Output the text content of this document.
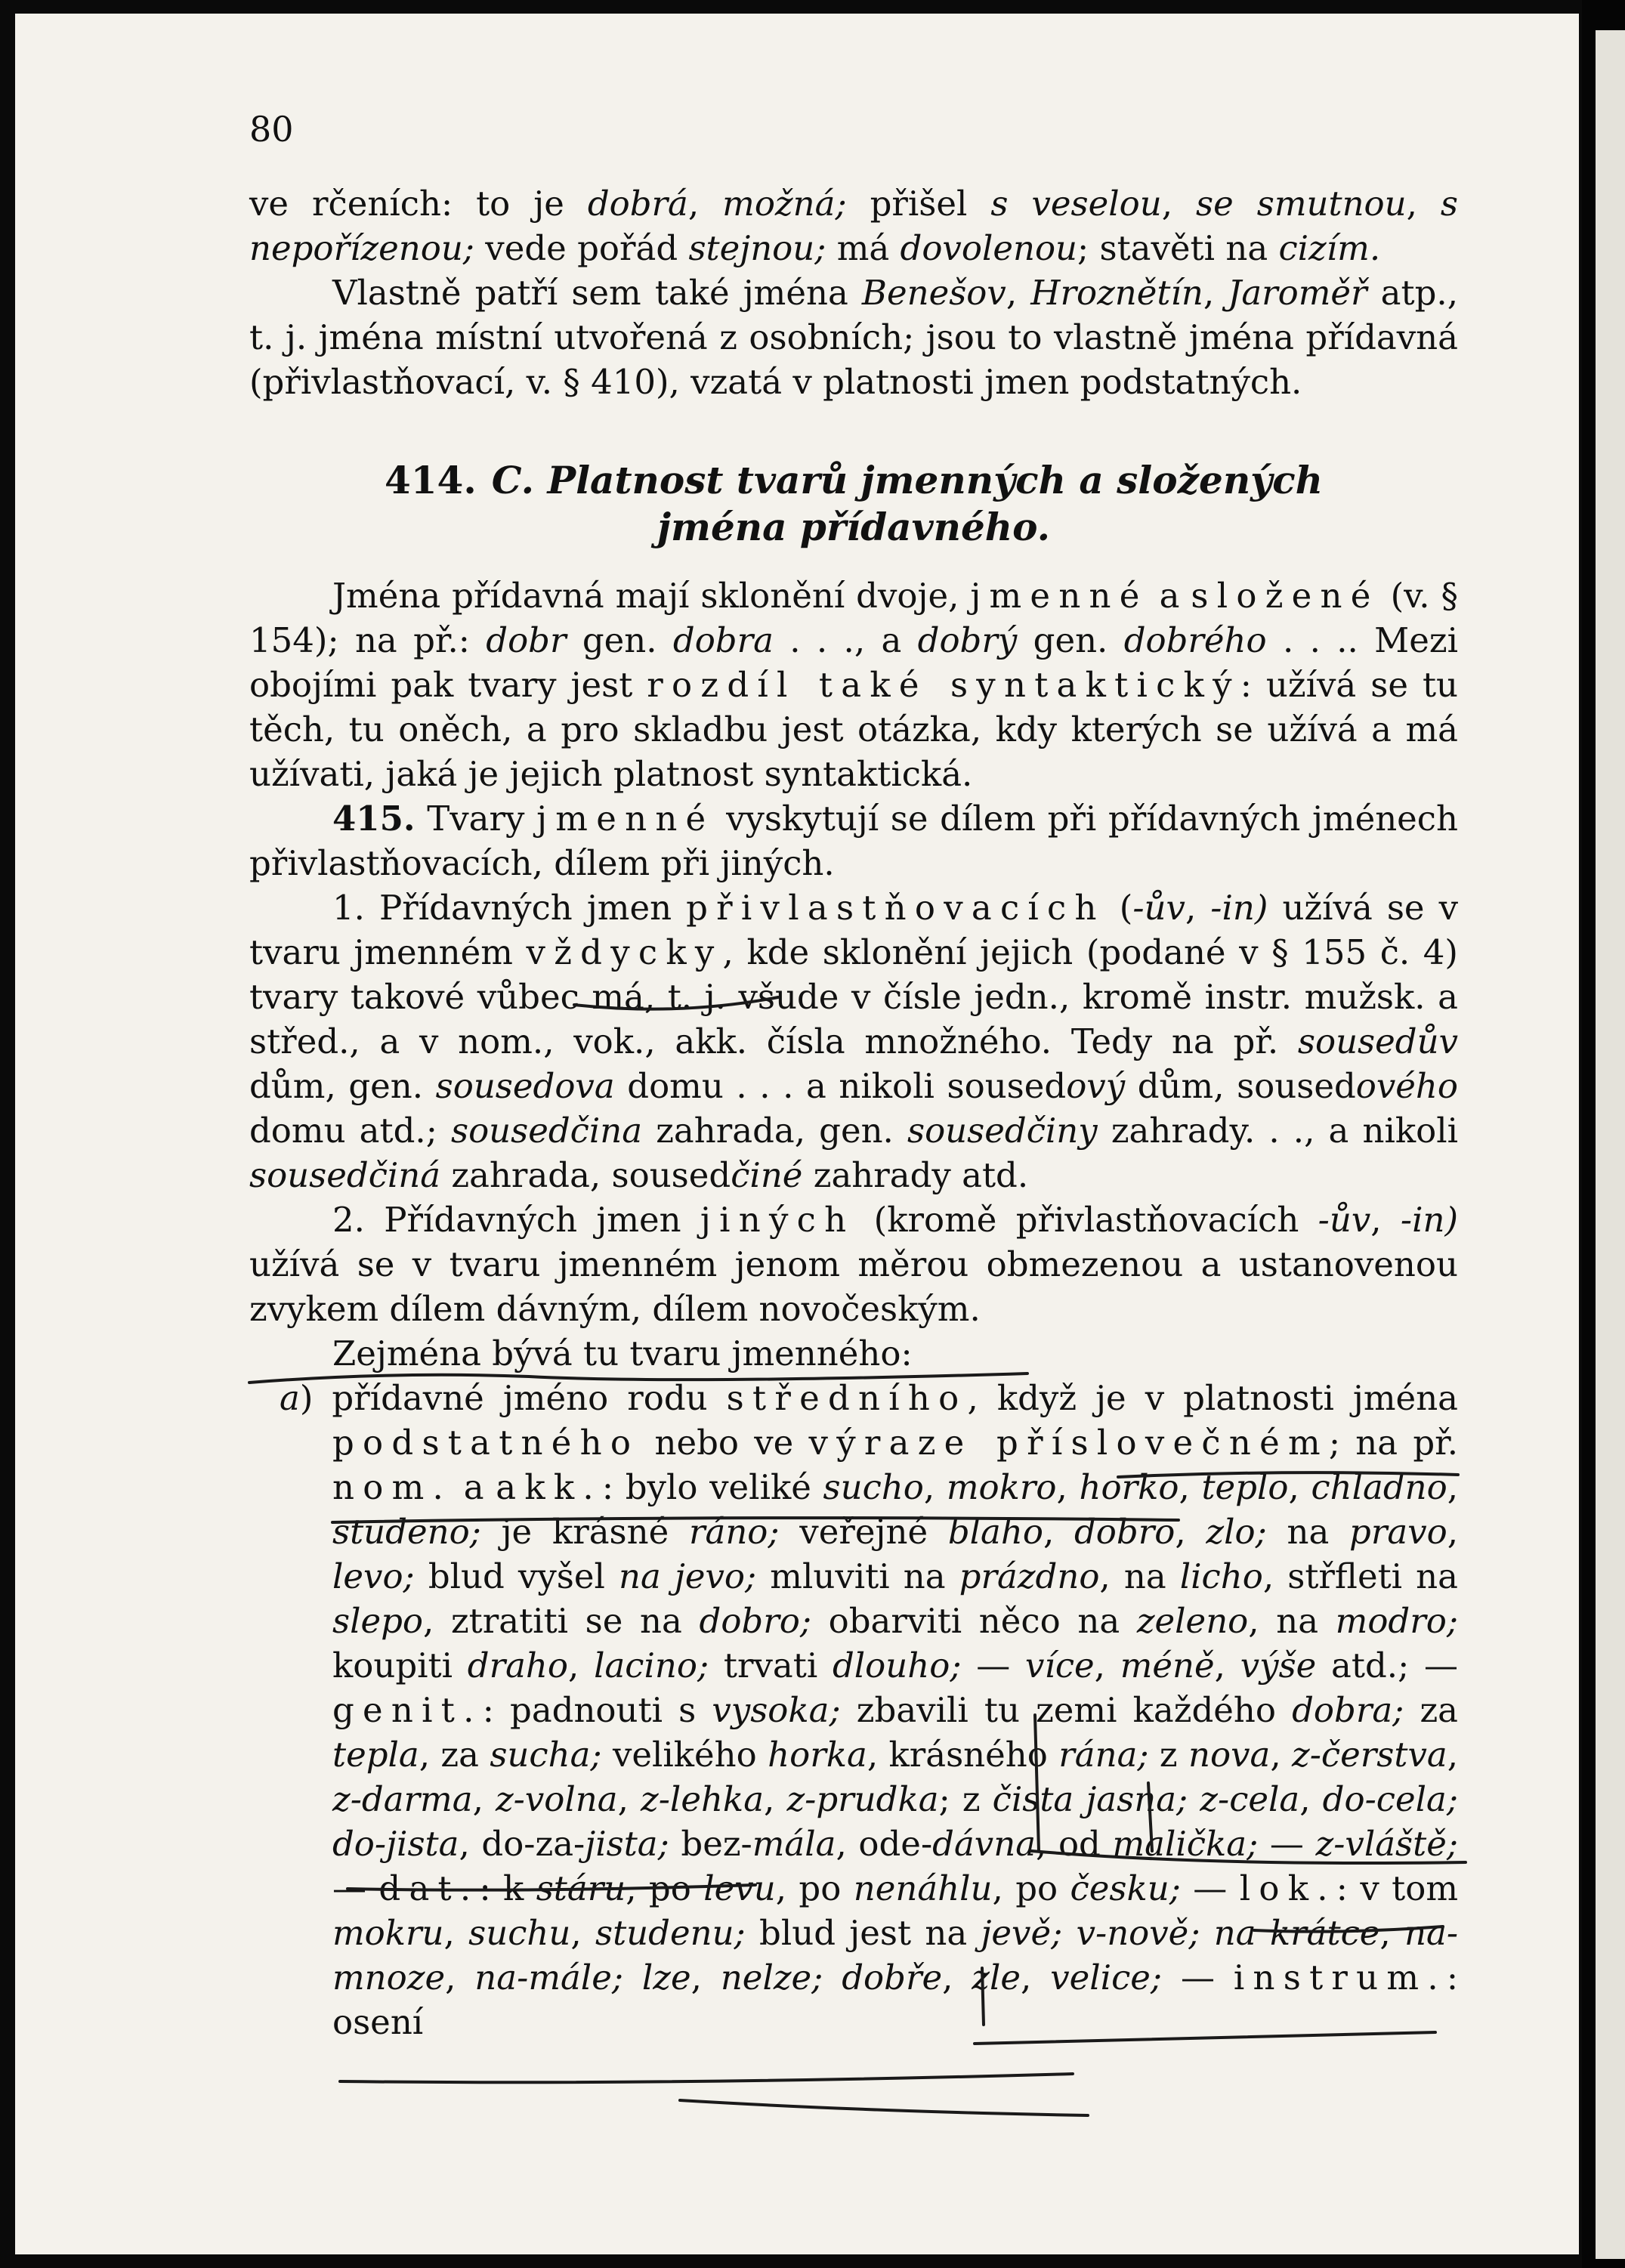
80

ve rčeních: to je dobrá, možná; přišel s veselou, se smutnou, s nepořízenou; vede pořád stejnou; má dovolenou; stavěti na cizím.

Vlastně patří sem také jména Benešov, Hroznětín, Jaroměř atp., t. j. jména místní utvořená z osobních; jsou to vlastně jména přídavná (přivlastňovací, v. § 410), vzatá v platnosti jmen podstatných.

414. C. Platnost tvarů jmenných a složených
jména přídavného.

Jména přídavná mají sklonění dvoje, jmenné a složené (v. § 154); na př.: dobr gen. dobra . . ., a dobrý gen. dobrého . . .. Mezi obojími pak tvary jest rozdíl také syntaktický: užívá se tu těch, tu oněch, a pro skladbu jest otázka, kdy kterých se užívá a má užívati, jaká je jejich platnost syntaktická.

415. Tvary jmenné vyskytují se dílem při přídavných jménech přivlastňovacích, dílem při jiných.

1. Přídavných jmen přivlastňovacích (-ův, -in) užívá se v tvaru jmenném vždycky, kde sklonění jejich (podané v § 155 č. 4) tvary takové vůbec má, t. j. všude v čísle jedn., kromě instr. mužsk. a střed., a v nom., vok., akk. čísla množného. Tedy na př. sousedův dům, gen. sousedova domu . . . a nikoli sousedový dům, sousedového domu atd.; sousedčina zahrada, gen. sousedčiny zahrady. . ., a nikoli sousedčiná zahrada, sousedčiné zahrady atd.

2. Přídavných jmen jiných (kromě přivlastňovacích -ův, -in) užívá se v tvaru jmenném jenom měrou obmezenou a ustanovenou zvykem dílem dávným, dílem novočeským.

Zejména bývá tu tvaru jmenného:

a) přídavné jméno rodu středního, když je v platnosti jména podstatného nebo ve výraze příslovečném; na př. nom. a akk.: bylo veliké sucho, mokro, horko, teplo, chladno, studeno; je krásné ráno; veřejné blaho, dobro, zlo; na pravo, levo; blud vyšel na jevo; mluviti na prázdno, na licho, střfleti na slepo, ztratiti se na dobro; obarviti něco na zeleno, na modro; koupiti draho, lacino; trvati dlouho; — více, méně, výše atd.; — genit.: padnouti s vysoka; zbavili tu zemi každého dobra; za tepla, za sucha; velikého horka, krásného rána; z nova, z-čerstva, z-darma, z-volna, z-lehka, z-prudka; z čista jasna; z-cela, do-cela; do-jista, do-za-jista; bez-mála, ode-dávna, od malička; — z-vláště; — dat.: k stáru, po levu, po nenáhlu, po česku; — lok.: v tom mokru, suchu, studenu; blud jest na jevě; v-nově; na krátce, na-mnoze, na-mále; lze, nelze; dobře, zle, velice; — instrum.: osení
